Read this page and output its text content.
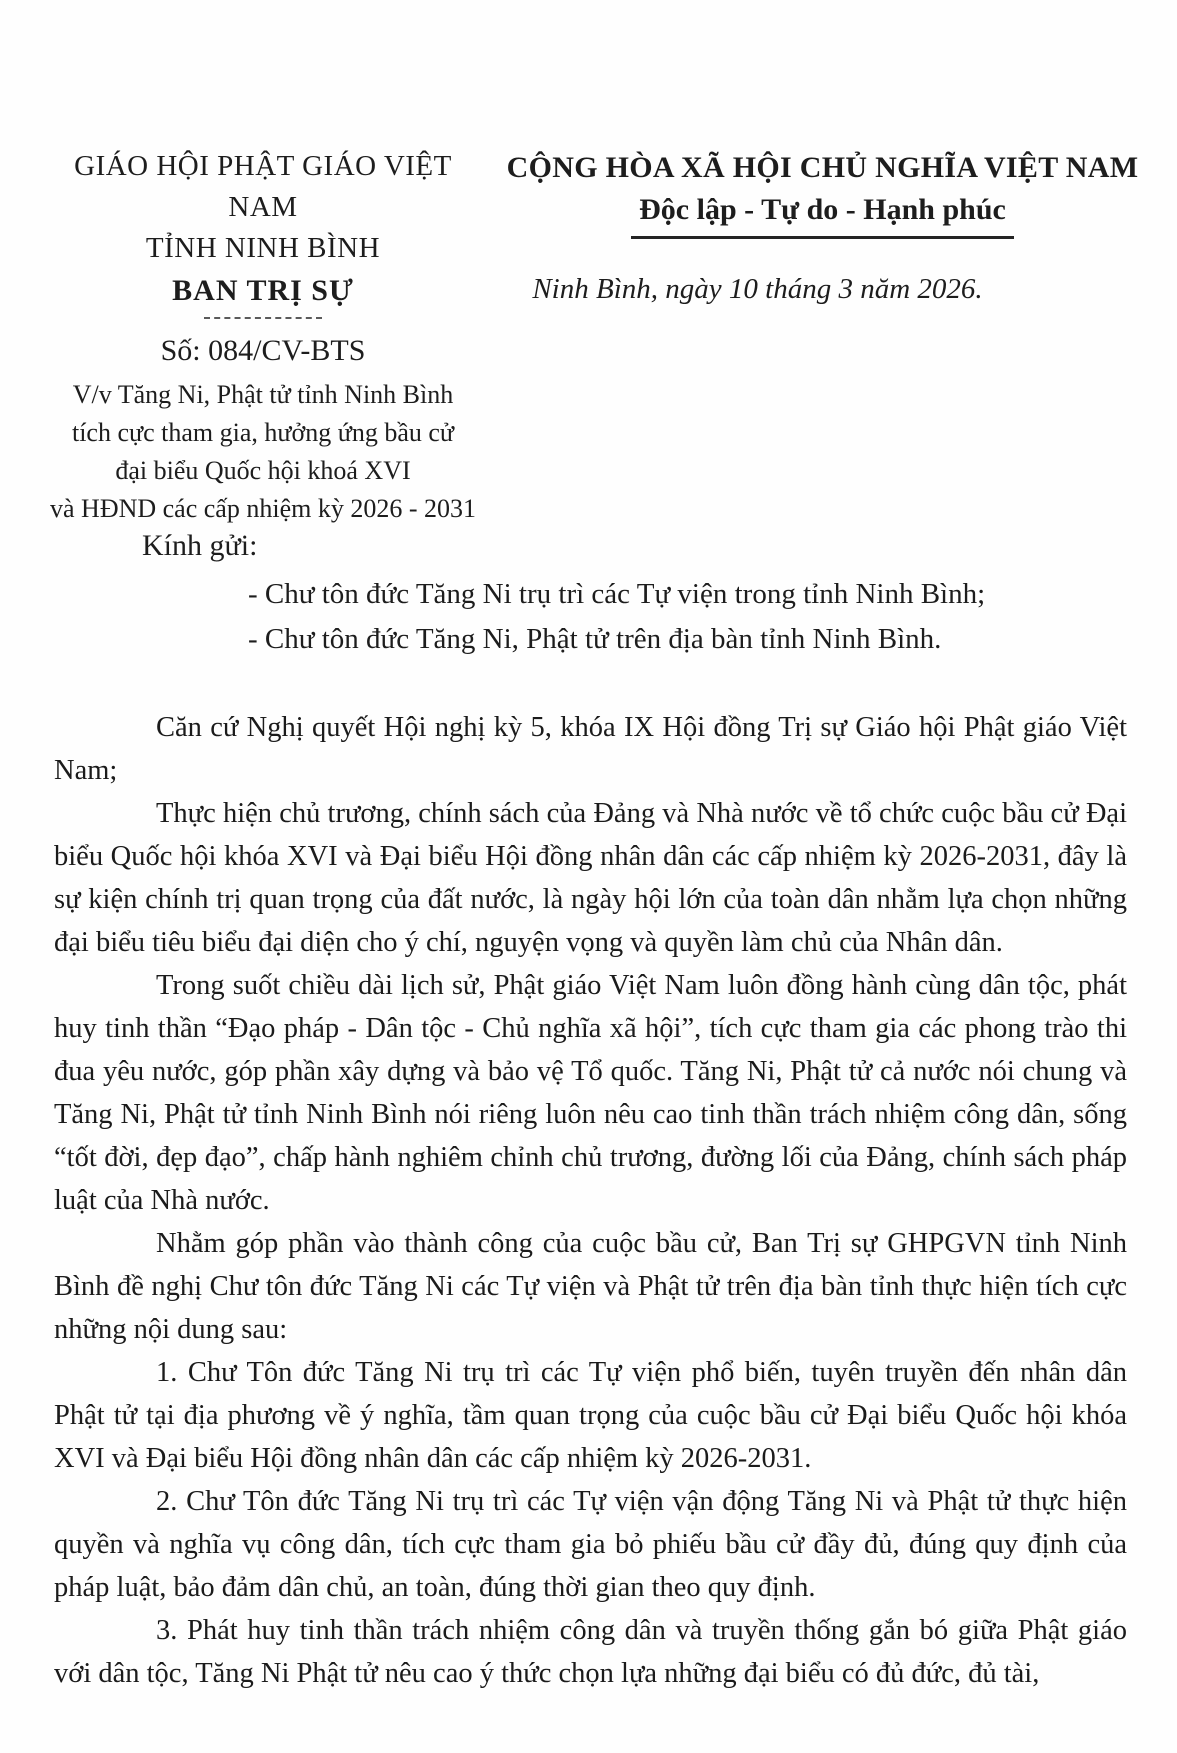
GIÁO HỘI PHẬT GIÁO VIỆT NAM
TỈNH NINH BÌNH
BAN TRỊ SỰ
Số: 084/CV-BTS
V/v Tăng Ni, Phật tử tỉnh Ninh Bình
tích cực tham gia, hưởng ứng bầu cử
đại biểu Quốc hội khoá XVI
và HĐND các cấp nhiệm kỳ 2026 - 2031
CỘNG HÒA XÃ HỘI CHỦ NGHĨA VIỆT NAM
Độc lập - Tự do - Hạnh phúc
Ninh Bình, ngày 10 tháng 3 năm 2026.
Kính gửi:
- Chư tôn đức Tăng Ni trụ trì các Tự viện trong tỉnh Ninh Bình;
- Chư tôn đức Tăng Ni, Phật tử trên địa bàn tỉnh Ninh Bình.

Căn cứ Nghị quyết Hội nghị kỳ 5, khóa IX Hội đồng Trị sự Giáo hội Phật giáo Việt Nam;

Thực hiện chủ trương, chính sách của Đảng và Nhà nước về tổ chức cuộc bầu cử Đại biểu Quốc hội khóa XVI và Đại biểu Hội đồng nhân dân các cấp nhiệm kỳ 2026-2031, đây là sự kiện chính trị quan trọng của đất nước, là ngày hội lớn của toàn dân nhằm lựa chọn những đại biểu tiêu biểu đại diện cho ý chí, nguyện vọng và quyền làm chủ của Nhân dân.

Trong suốt chiều dài lịch sử, Phật giáo Việt Nam luôn đồng hành cùng dân tộc, phát huy tinh thần “Đạo pháp - Dân tộc - Chủ nghĩa xã hội”, tích cực tham gia các phong trào thi đua yêu nước, góp phần xây dựng và bảo vệ Tổ quốc. Tăng Ni, Phật tử cả nước nói chung và Tăng Ni, Phật tử tỉnh Ninh Bình nói riêng luôn nêu cao tinh thần trách nhiệm công dân, sống “tốt đời, đẹp đạo”, chấp hành nghiêm chỉnh chủ trương, đường lối của Đảng, chính sách pháp luật của Nhà nước.

Nhằm góp phần vào thành công của cuộc bầu cử, Ban Trị sự GHPGVN tỉnh Ninh Bình đề nghị Chư tôn đức Tăng Ni các Tự viện và Phật tử trên địa bàn tỉnh thực hiện tích cực những nội dung sau:

1. Chư Tôn đức Tăng Ni trụ trì các Tự viện phổ biến, tuyên truyền đến nhân dân Phật tử tại địa phương về ý nghĩa, tầm quan trọng của cuộc bầu cử Đại biểu Quốc hội khóa XVI và Đại biểu Hội đồng nhân dân các cấp nhiệm kỳ 2026-2031.

2. Chư Tôn đức Tăng Ni trụ trì các Tự viện vận động Tăng Ni và Phật tử thực hiện quyền và nghĩa vụ công dân, tích cực tham gia bỏ phiếu bầu cử đầy đủ, đúng quy định của pháp luật, bảo đảm dân chủ, an toàn, đúng thời gian theo quy định.

3. Phát huy tinh thần trách nhiệm công dân và truyền thống gắn bó giữa Phật giáo với dân tộc, Tăng Ni Phật tử nêu cao ý thức chọn lựa những đại biểu có đủ đức, đủ tài,
